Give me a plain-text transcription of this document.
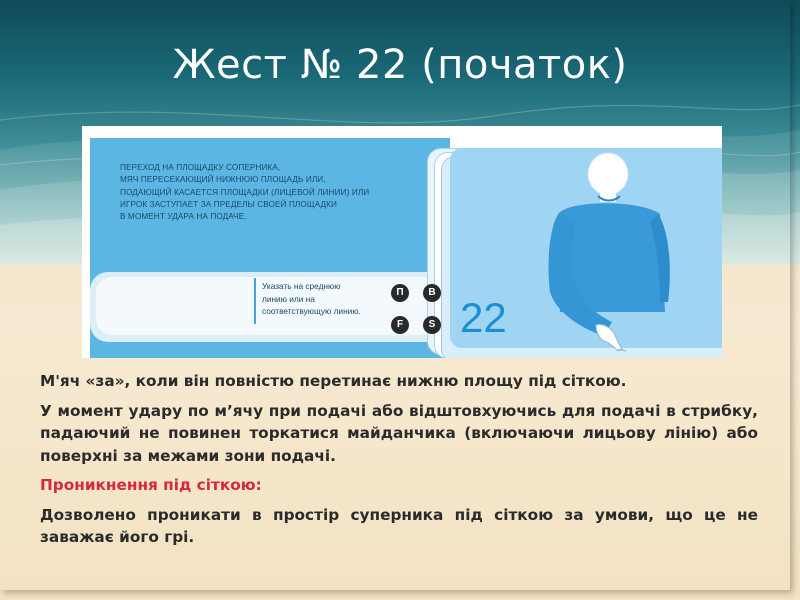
Жест № 22 (початок)
ПЕРЕХОД НА ПЛОЩАДКУ СОПЕРНИКА,
МЯЧ ПЕРЕСЕКАЮЩИЙ НИЖНЮЮ ПЛОЩАДЬ ИЛИ,
ПОДАЮЩИЙ КАСАЕТСЯ ПЛОЩАДКИ (ЛИЦЕВОЙ ЛИНИИ) ИЛИ
ИГРОК ЗАСТУПАЕТ ЗА ПРЕДЕЛЫ СВОЕЙ ПЛОЩАДКИ
В МОМЕНТ УДАРА НА ПОДАЧЕ.
Указать на среднюю
линию или на
соответствующую линию.
П	B
F	S 22

М'яч «за», коли він повністю перетинає нижню площу під сіткою.

У момент удару по м’ячу при подачі або відштовхуючись для подачі в стрибку, падаючий не повинен торкатися майданчика (включаючи лицьову лінію) або поверхні за межами зони подачі.

Проникнення під сіткою:

Дозволено проникати в простір суперника під сіткою за умови, що це не заважає його грі.
